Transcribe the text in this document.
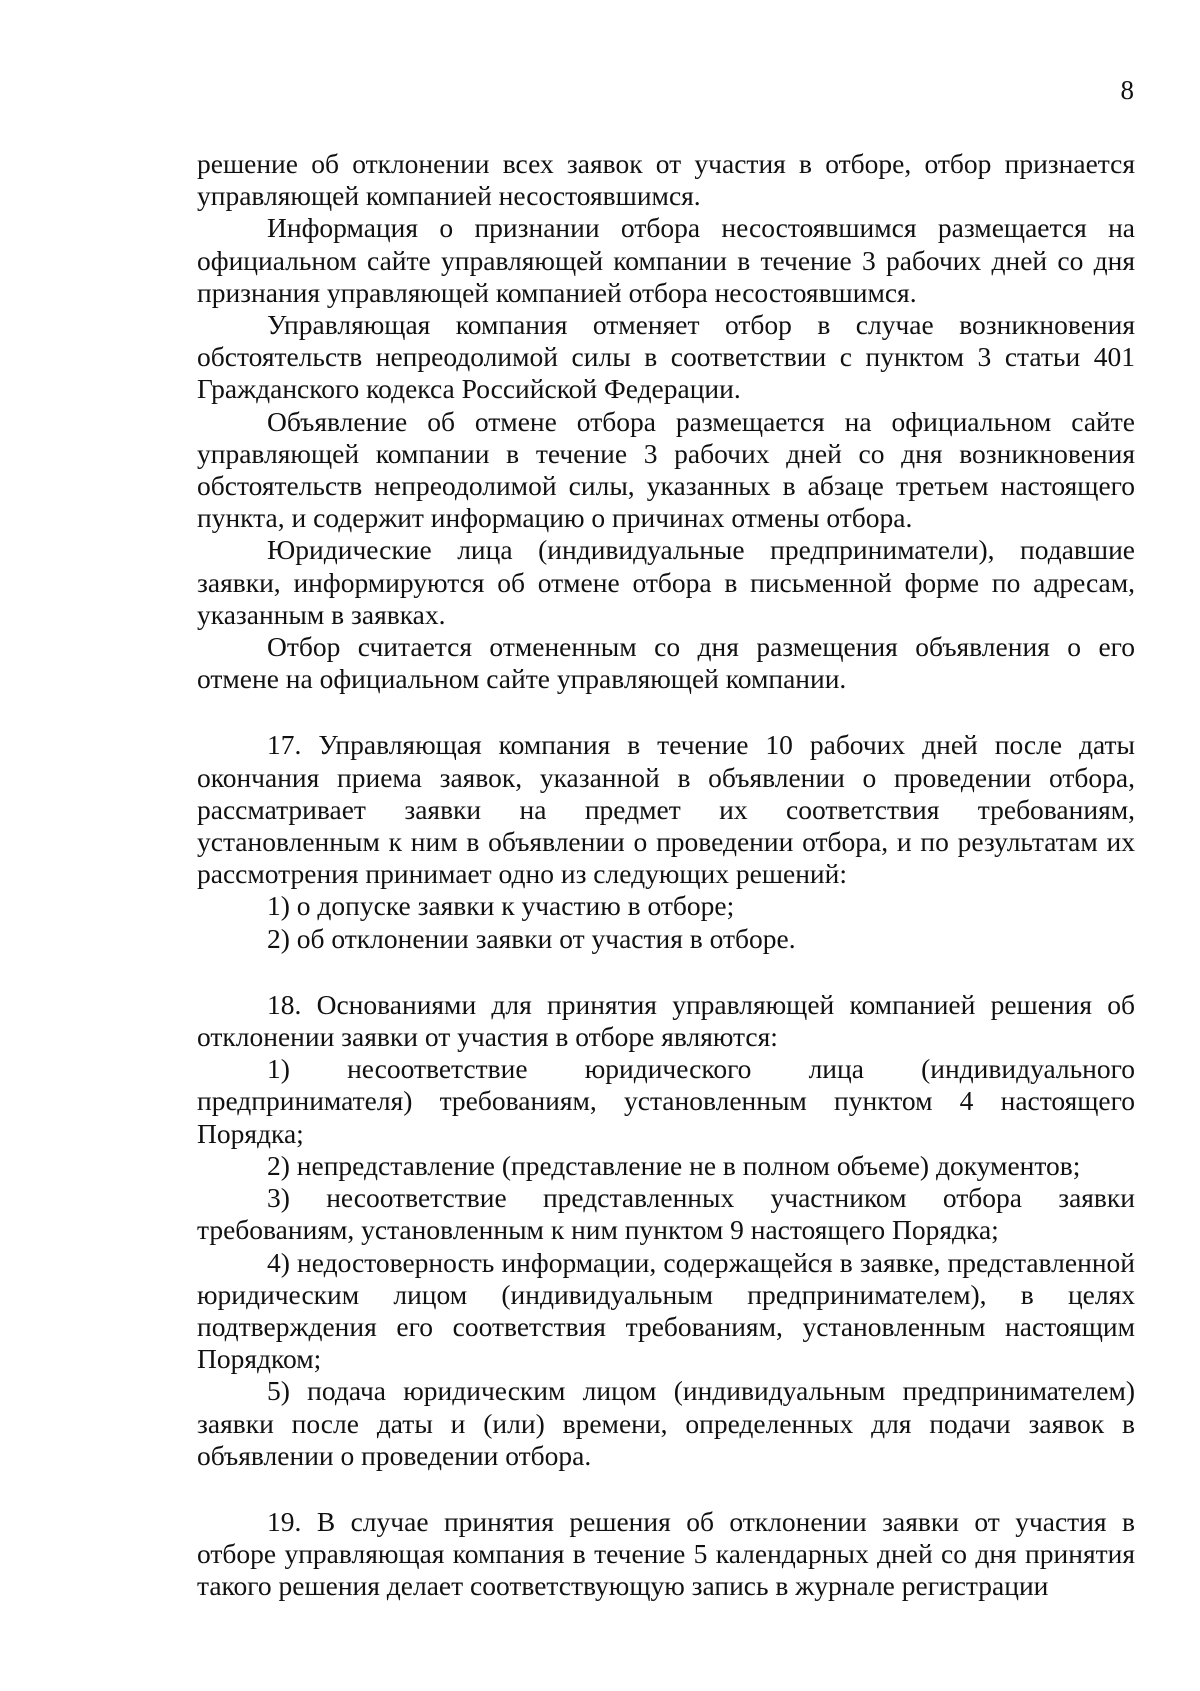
8

решение об отклонении всех заявок от участия в отборе, отбор признается управляющей компанией несостоявшимся.

Информация о признании отбора несостоявшимся размещается на официальном сайте управляющей компании в течение 3 рабочих дней со дня признания управляющей компанией отбора несостоявшимся.

Управляющая компания отменяет отбор в случае возникновения обстоятельств непреодолимой силы в соответствии с пунктом 3 статьи 401 Гражданского кодекса Российской Федерации.

Объявление об отмене отбора размещается на официальном сайте управляющей компании в течение 3 рабочих дней со дня возникновения обстоятельств непреодолимой силы, указанных в абзаце третьем настоящего пункта, и содержит информацию о причинах отмены отбора.

Юридические лица (индивидуальные предприниматели), подавшие заявки, информируются об отмене отбора в письменной форме по адресам, указанным в заявках.

Отбор считается отмененным со дня размещения объявления о его отмене на официальном сайте управляющей компании.

17. Управляющая компания в течение 10 рабочих дней после даты окончания приема заявок, указанной в объявлении о проведении отбора, рассматривает заявки на предмет их соответствия требованиям, установленным к ним в объявлении о проведении отбора, и по результатам их рассмотрения принимает одно из следующих решений:

1) о допуске заявки к участию в отборе;

2) об отклонении заявки от участия в отборе.

18. Основаниями для принятия управляющей компанией решения об отклонении заявки от участия в отборе являются:

1) несоответствие юридического лица (индивидуального предпринимателя) требованиям, установленным пунктом 4 настоящего Порядка;

2) непредставление (представление не в полном объеме) документов;

3) несоответствие представленных участником отбора заявки требованиям, установленным к ним пунктом 9 настоящего Порядка;

4) недостоверность информации, содержащейся в заявке, представленной юридическим лицом (индивидуальным предпринимателем), в целях подтверждения его соответствия требованиям, установленным настоящим Порядком;

5) подача юридическим лицом (индивидуальным предпринимателем) заявки после даты и (или) времени, определенных для подачи заявок в объявлении о проведении отбора.

19. В случае принятия решения об отклонении заявки от участия в отборе управляющая компания в течение 5 календарных дней со дня принятия такого решения делает соответствующую запись в журнале регистрации
